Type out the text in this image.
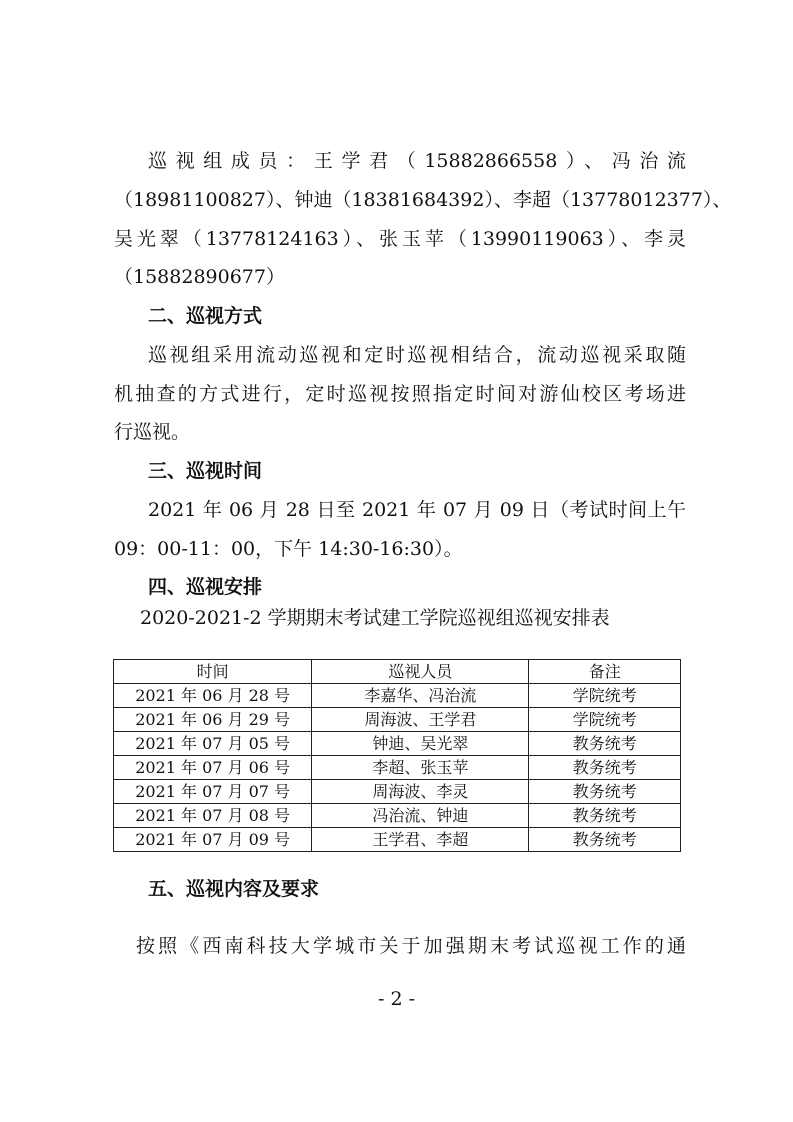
巡视组成员：王学君（15882866558）、冯治流
（18981100827）、钟迪（18381684392）、李超（13778012377）、
吴光翠（13778124163）、张玉苹（13990119063）、李灵
（15882890677）
二、巡视方式
巡视组采用流动巡视和定时巡视相结合，流动巡视采取随
机抽查的方式进行，定时巡视按照指定时间对游仙校区考场进
行巡视。
三、巡视时间
2021 年 06 月 28 日至 2021 年 07 月 09 日（考试时间上午
09：00-11：00，下午 14:30-16:30）。
四、巡视安排
2020-2021-2 学期期末考试建工学院巡视组巡视安排表
时间	巡视人员	备注
2021 年 06 月 28 号	李嘉华、冯治流	学院统考
2021 年 06 月 29 号	周海波、王学君	学院统考
2021 年 07 月 05 号	钟迪、吴光翠	教务统考
2021 年 07 月 06 号	李超、张玉苹	教务统考
2021 年 07 月 07 号	周海波、李灵	教务统考
2021 年 07 月 08 号	冯治流、钟迪	教务统考
2021 年 07 月 09 号	王学君、李超	教务统考
五、巡视内容及要求
按照《西南科技大学城市关于加强期末考试巡视工作的通
- 2 -
